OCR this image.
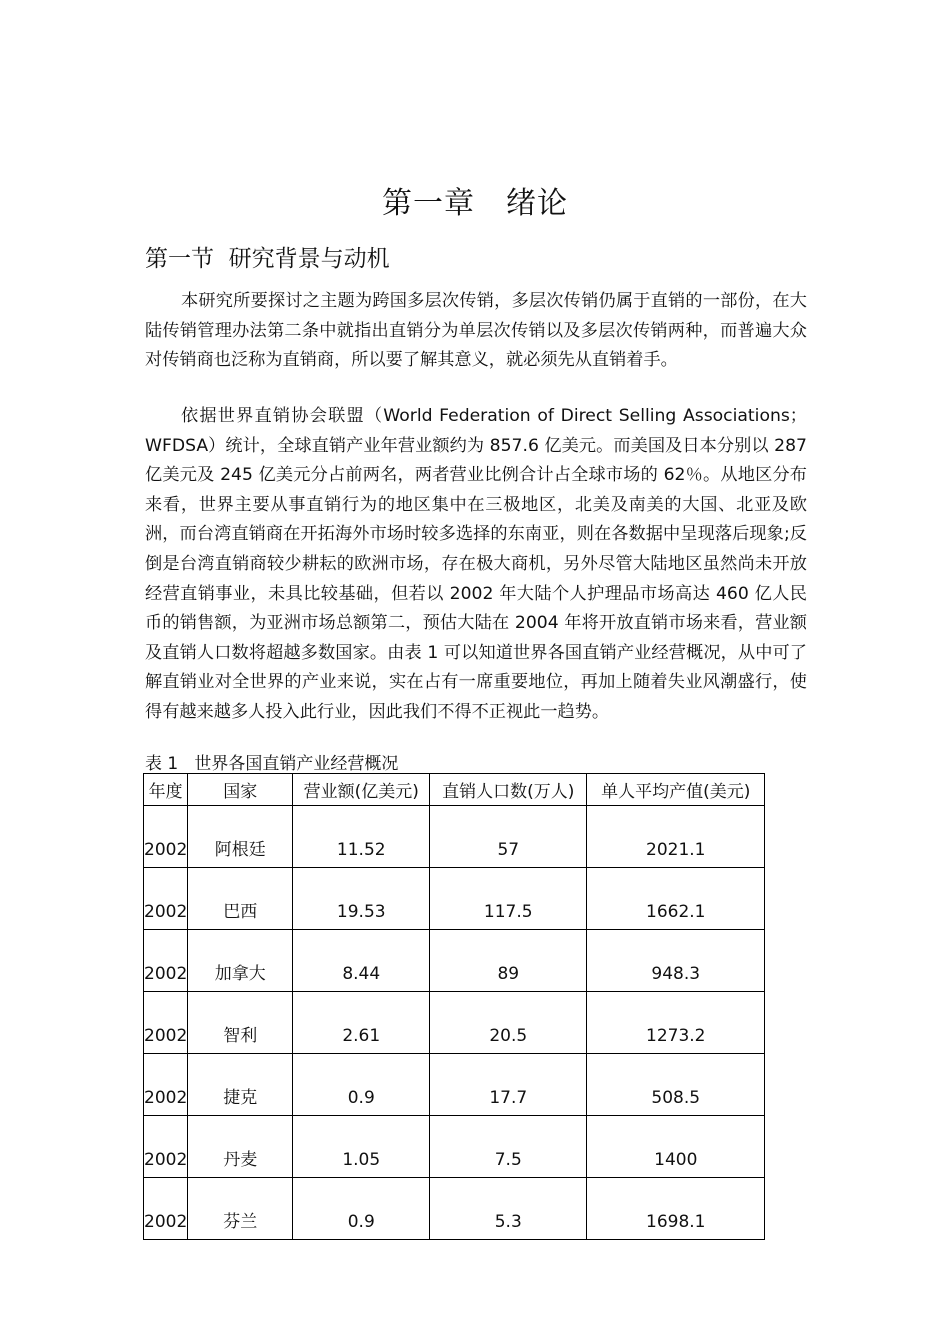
第一章　绪论
第一节  研究背景与动机

本研究所要探讨之主题为跨国多层次传销，多层次传销仍属于直销的一部份，在大陆传销管理办法第二条中就指出直销分为单层次传销以及多层次传销两种，而普遍大众对传销商也泛称为直销商，所以要了解其意义，就必须先从直销着手。

依据世界直销协会联盟（World Federation of Direct Selling Associations；WFDSA）统计，全球直销产业年营业额约为 857.6 亿美元。而美国及日本分别以 287 亿美元及 245 亿美元分占前两名，两者营业比例合计占全球市场的 62％。从地区分布来看，世界主要从事直销行为的地区集中在三极地区，北美及南美的大国、北亚及欧洲，而台湾直销商在开拓海外市场时较多选择的东南亚，则在各数据中呈现落后现象;反倒是台湾直销商较少耕耘的欧洲市场，存在极大商机，另外尽管大陆地区虽然尚未开放经营直销事业，未具比较基础，但若以 2002 年大陆个人护理品市场高达 460 亿人民币的销售额，为亚洲市场总额第二，预估大陆在 2004 年将开放直销市场来看，营业额及直销人口数将超越多数国家。由表 1 可以知道世界各国直销产业经营概况，从中可了解直销业对全世界的产业来说，实在占有一席重要地位，再加上随着失业风潮盛行，使得有越来越多人投入此行业，因此我们不得不正视此一趋势。

表 1   世界各国直销产业经营概况
年度	国家	营业额(亿美元)	直销人口数(万人)	单人平均产值(美元)
2002	阿根廷	11.52	57	2021.1
2002	巴西	19.53	117.5	1662.1
2002	加拿大	8.44	89	948.3
2002	智利	2.61	20.5	1273.2
2002	捷克	0.9	17.7	508.5
2002	丹麦	1.05	7.5	1400
2002	芬兰	0.9	5.3	1698.1
